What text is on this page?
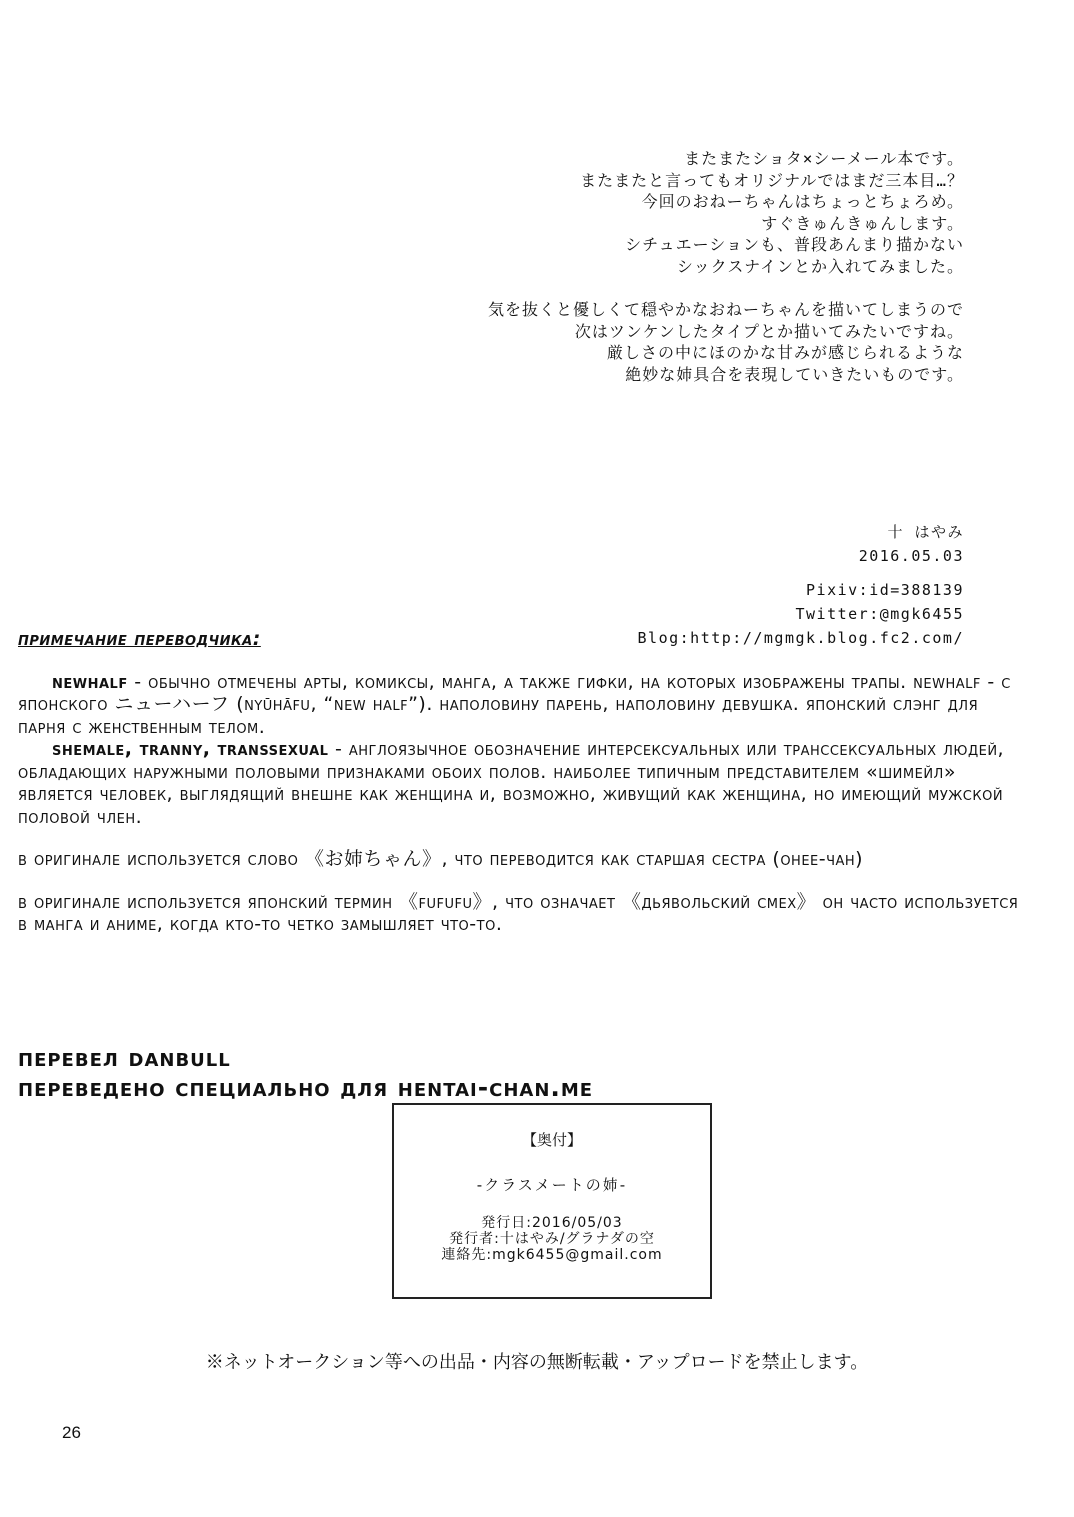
またまたショタ×シーメール本です。
またまたと言ってもオリジナルではまだ三本目…？
今回のおねーちゃんはちょっとちょろめ。
すぐきゅんきゅんします。
シチュエーションも、普段あんまり描かない
シックスナインとか入れてみました。
気を抜くと優しくて穏やかなおねーちゃんを描いてしまうので
次はツンケンしたタイプとか描いてみたいですね。
厳しさの中にほのかな甘みが感じられるような
絶妙な姉具合を表現していきたいものです。
十 はやみ
2016.05.03
Pixiv:id=388139
Twitter:@mgk6455
Blog:http://mgmgk.blog.fc2.com/
примечание переводчика:

newhalf - обычно отмечены арты, комиксы, манга, а также гифки, на которых изображены трапы. newhalf - с японского ニューハーフ (nyūhāfu, “new half”). наполовину парень, наполовину девушка. японский слэнг для парня с женственным телом.

shemale, tranny, transsexual - англоязычное обозначение интерсексуальных или транссексуальных людей, обладающих наружными половыми признаками обоих полов. наиболее типичным представителем «шимейл» является человек, выглядящий внешне как женщина и, возможно, живущий как женщина, но имеющий мужской половой член.

в оригинале используется слово 《お姉ちゃん》, что переводится как старшая сестра (онее-чан)

в оригинале используется японский термин 《fufufu》, что означает 《дьявольский смех》 он часто используется в манга и аниме, когда кто-то четко замышляет что-то.

перевел danbull
переведено специально для hentai-chan.me
【奥付】
-クラスメートの姉-
発行日:2016/05/03
発行者:十はやみ/グラナダの空
連絡先:mgk6455@gmail.com
※ネットオークション等への出品・内容の無断転載・アップロードを禁止します。
26
